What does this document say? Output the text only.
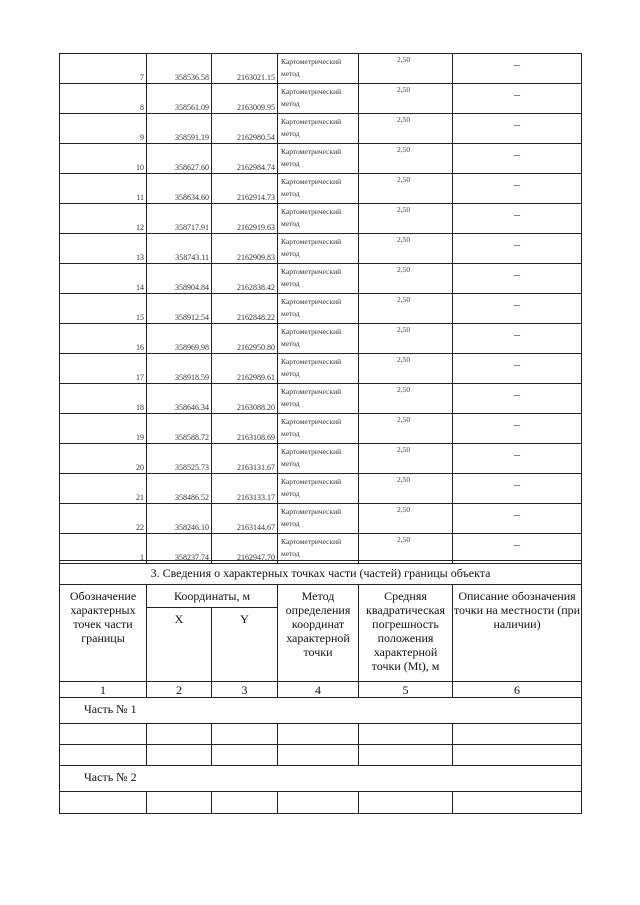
7	358536.58	2163021.15	Картометрический метод	2,50	–

8	358561.09	2163009.95	Картометрический метод	2,50	–

9	358591.19	2162980.54	Картометрический метод	2,50	–

10	358627.60	2162984.74	Картометрический метод	2,50	–

11	358634.60	2162914.73	Картометрический метод	2,50	–

12	358717.91	2162919.63	Картометрический метод	2,50	–

13	358743.11	2162909.83	Картометрический метод	2,50	–

14	358904.84	2162838.42	Картометрический метод	2,50	–

15	358912.54	2162848.22	Картометрический метод	2,50	–

16	358969.98	2162950.80	Картометрический метод	2,50	–

17	358918.59	2162989.61	Картометрический метод	2,50	–

18	358646.34	2163088.20	Картометрический метод	2,50	–

19	358588.72	2163108.69	Картометрический метод	2,50	–

20	358525.73	2163131.67	Картометрический метод	2,50	–

21	358486.52	2163133.17	Картометрический метод	2,50	–

22	358246.10	2163144.67	Картометрический метод	2,50	–

1	358237.74	2162947.70	Картометрический метод	2,50	–
3. Сведения о характерных точках части (частей) границы объекта					
Обозначение характерных точек части границы	Координаты, м		Метод определения координат характерной точки	Средняя квадратическая погрешность положения характерной точки (Mt), м	Описание обозначения точки на местности (при наличии)
	X	Y			
1	2	3	4	5	6
Часть № 1					

Часть № 2					
